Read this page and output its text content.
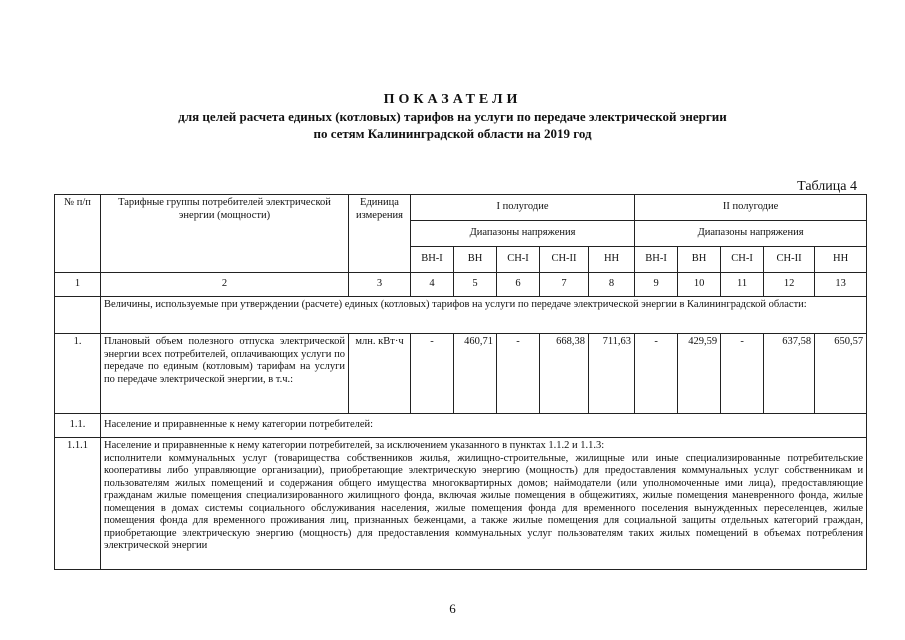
ПОКАЗАТЕЛИ
для целей расчета единых (котловых) тарифов на услуги по передаче электрической энергии
по сетям Калининградской области на 2019 год
Таблица 4
№ п/п	Тарифные группы потребителей электрической энергии (мощности)	Единица измерения	I полугодие					II полугодие				
			Диапазоны напряжения					Диапазоны напряжения				
			ВН-I	ВН	СН-I	СН-II	НН	ВН-I	ВН	СН-I	СН-II	НН
1	2	3	4	5	6	7	8	9	10	11	12	13
	Величины, используемые при утверждении (расчете) единых (котловых) тарифов на услуги по передаче электрической энергии в Калининградской области:											
1.	Плановый объем полезного отпуска электрической энергии всех потребителей, оплачивающих услуги по передаче по единым (котловым) тарифам на услуги по передаче электрической энергии, в т.ч.:	млн. кВт·ч	-	460,71	-	668,38	711,63	-	429,59	-	637,58	650,57
1.1.	Население и приравненные к нему категории потребителей:											
1.1.1	Население и приравненные к нему категории потребителей, за исключением указанного в пунктах 1.1.2 и 1.1.3:
исполнители коммунальных услуг (товарищества собственников жилья, жилищно-строительные, жилищные или иные специализированные потребительские кооперативы либо управляющие организации), приобретающие электрическую энергию (мощность) для предоставления коммунальных услуг собственникам и пользователям жилых помещений и содержания общего имущества многоквартирных домов; наймодатели (или уполномоченные ими лица), предоставляющие гражданам жилые помещения специализированного жилищного фонда, включая жилые помещения в общежитиях, жилые помещения маневренного фонда, жилые помещения в домах системы социального обслуживания населения, жилые помещения фонда для временного поселения вынужденных переселенцев, жилые помещения фонда для временного проживания лиц, признанных беженцами, а также жилые помещения для социальной защиты отдельных категорий граждан, приобретающие электрическую энергию (мощность) для предоставления коммунальных услуг пользователям таких жилых помещений в объемах потребления электрической энергии											
6
